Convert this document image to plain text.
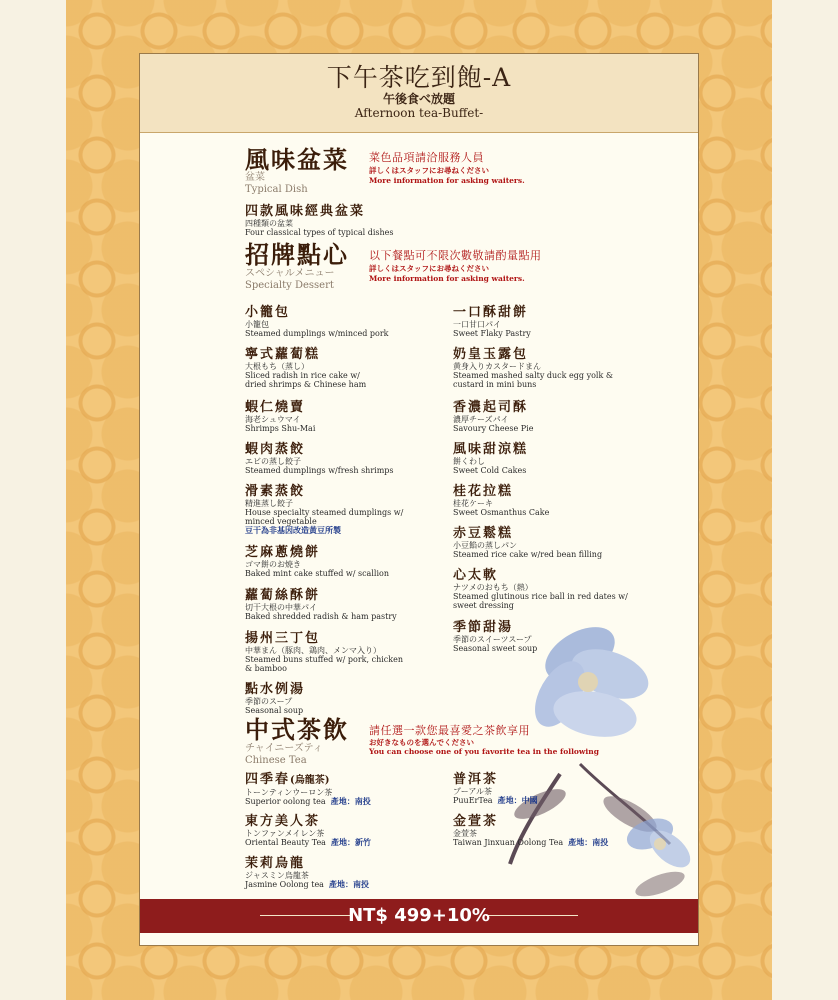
下午茶吃到飽-A
午後食べ放題
Afternoon tea-Buffet-
風味盆菜
盆菜
Typical Dish
菜色品項請洽服務人員
詳しくはスタッフにお尋ねください
More information for asking waiters.
四款風味經典盆菜
四種類の盆菜
Four classical types of typical dishes
招牌點心
スペシャルメニュー
Specialty Dessert
以下餐點可不限次數敬請酌量點用
詳しくはスタッフにお尋ねください
More information for asking waiters.
小籠包
小籠包
Steamed dumplings w/minced pork
寧式蘿蔔糕
大根もち（蒸し）
Sliced radish in rice cake w/
dried shrimps & Chinese ham
蝦仁燒賣
海老シュウマイ
Shrimps Shu-Mai
蝦肉蒸餃
エビの蒸し餃子
Steamed dumplings w/fresh shrimps
滑素蒸餃
精進蒸し餃子
House specialty steamed dumplings w/
minced vegetable
豆干為非基因改造黃豆所製
芝麻蔥燒餅
ゴマ餅のお焼き
Baked mint cake stuffed w/ scallion
蘿蔔絲酥餅
切干大根の中華パイ
Baked shredded radish & ham pastry
揚州三丁包
中華まん（豚肉、鶏肉、メンマ入り）
Steamed buns stuffed w/ pork, chicken
& bamboo
點水例湯
季節のスープ
Seasonal soup
一口酥甜餅
一口甘口パイ
Sweet Flaky Pastry
奶皇玉露包
黄身入りカスタードまん
Steamed mashed salty duck egg yolk &
custard in mini buns
香濃起司酥
濃厚チーズパイ
Savoury Cheese Pie
風味甜涼糕
餅くわし
Sweet Cold Cakes
桂花拉糕
桂花ケーキ
Sweet Osmanthus Cake
赤豆鬆糕
小豆餡の蒸しパン
Steamed rice cake w/red bean filling
心太軟
ナツメのおもち（熱）
Steamed glutinous rice ball in red dates w/
sweet dressing
季節甜湯
季節のスイーツスープ
Seasonal sweet soup
中式茶飲
チャイニーズティ
Chinese Tea
請任選一款您最喜愛之茶飲享用
お好きなものを選んでください
You can choose one of you favorite tea in the following
四季春(烏龍茶)
トーンティンウーロン茶
Superior oolong tea 產地：南投
東方美人茶
トンファンメイレン茶
Oriental Beauty Tea 產地：新竹
茉莉烏龍
ジャスミン烏龍茶
Jasmine Oolong tea 產地：南投
普洱茶
プーアル茶
PuuErTea 產地：中國
金萱茶
金萱茶
Taiwan Jinxuan Oolong Tea 產地：南投
NT$ 499+10%
